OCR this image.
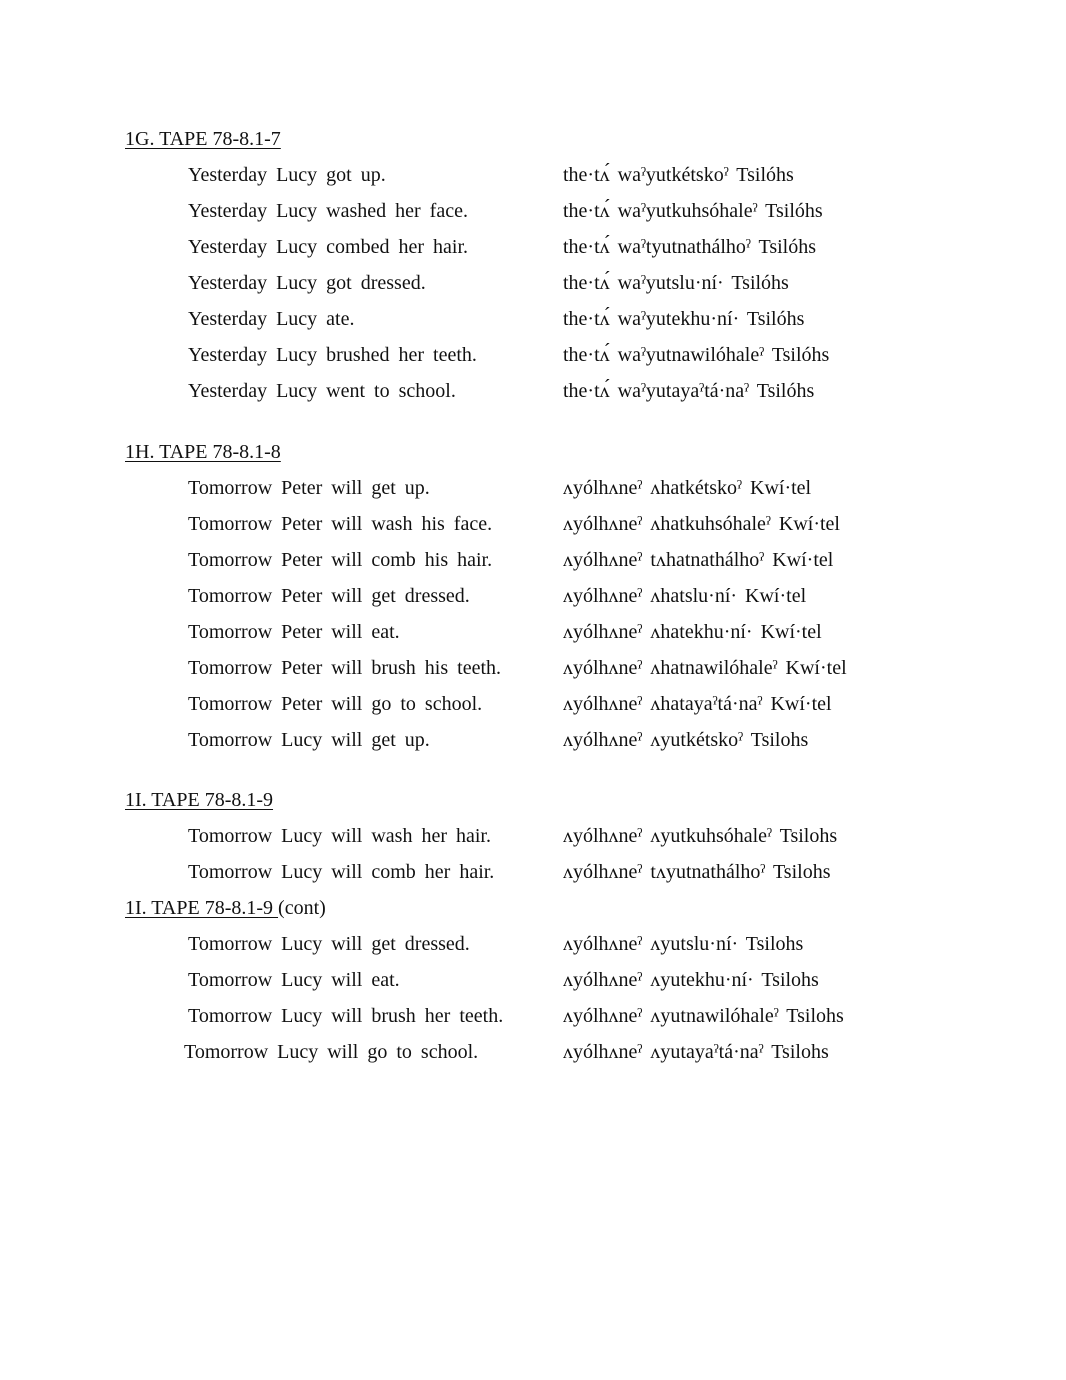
1G. TAPE 78-8.1-7
Yesterday Lucy got up.	the·tʌ́ waˀyutkétskoˀ Tsilóhs
Yesterday Lucy washed her face.	the·tʌ́ waˀyutkuhsóhaleˀ Tsilóhs
Yesterday Lucy combed her hair.	the·tʌ́ waˀtyutnathálhoˀ Tsilóhs
Yesterday Lucy got dressed.	the·tʌ́ waˀyutslu·ní· Tsilóhs
Yesterday Lucy ate.	the·tʌ́ waˀyutekhu·ní· Tsilóhs
Yesterday Lucy brushed her teeth.	the·tʌ́ waˀyutnawilóhaleˀ Tsilóhs
Yesterday Lucy went to school.	the·tʌ́ waˀyutayaˀtá·naˀ Tsilóhs
1H. TAPE 78-8.1-8
Tomorrow Peter will get up.	ʌyólhʌneˀ ʌhatkétskoˀ Kwí·tel
Tomorrow Peter will wash his face.	ʌyólhʌneˀ ʌhatkuhsóhaleˀ Kwí·tel
Tomorrow Peter will comb his hair.	ʌyólhʌneˀ tʌhatnathálhoˀ Kwí·tel
Tomorrow Peter will get dressed.	ʌyólhʌneˀ ʌhatslu·ní· Kwí·tel
Tomorrow Peter will eat.	ʌyólhʌneˀ ʌhatekhu·ní· Kwí·tel
Tomorrow Peter will brush his teeth.	ʌyólhʌneˀ ʌhatnawilóhaleˀ Kwí·tel
Tomorrow Peter will go to school.	ʌyólhʌneˀ ʌhatayaˀtá·naˀ Kwí·tel
Tomorrow Lucy will get up.	ʌyólhʌneˀ ʌyutkétskoˀ Tsilohs
1I. TAPE 78-8.1-9
Tomorrow Lucy will wash her hair.	ʌyólhʌneˀ ʌyutkuhsóhaleˀ Tsilohs
Tomorrow Lucy will comb her hair.	ʌyólhʌneˀ tʌyutnathálhoˀ Tsilohs
1I. TAPE 78-8.1-9 (cont)
Tomorrow Lucy will get dressed.	ʌyólhʌneˀ ʌyutslu·ní· Tsilohs
Tomorrow Lucy will eat.	ʌyólhʌneˀ ʌyutekhu·ní· Tsilohs
Tomorrow Lucy will brush her teeth.	ʌyólhʌneˀ ʌyutnawilóhaleˀ Tsilohs
Tomorrow Lucy will go to school.	ʌyólhʌneˀ ʌyutayaˀtá·naˀ Tsilohs
